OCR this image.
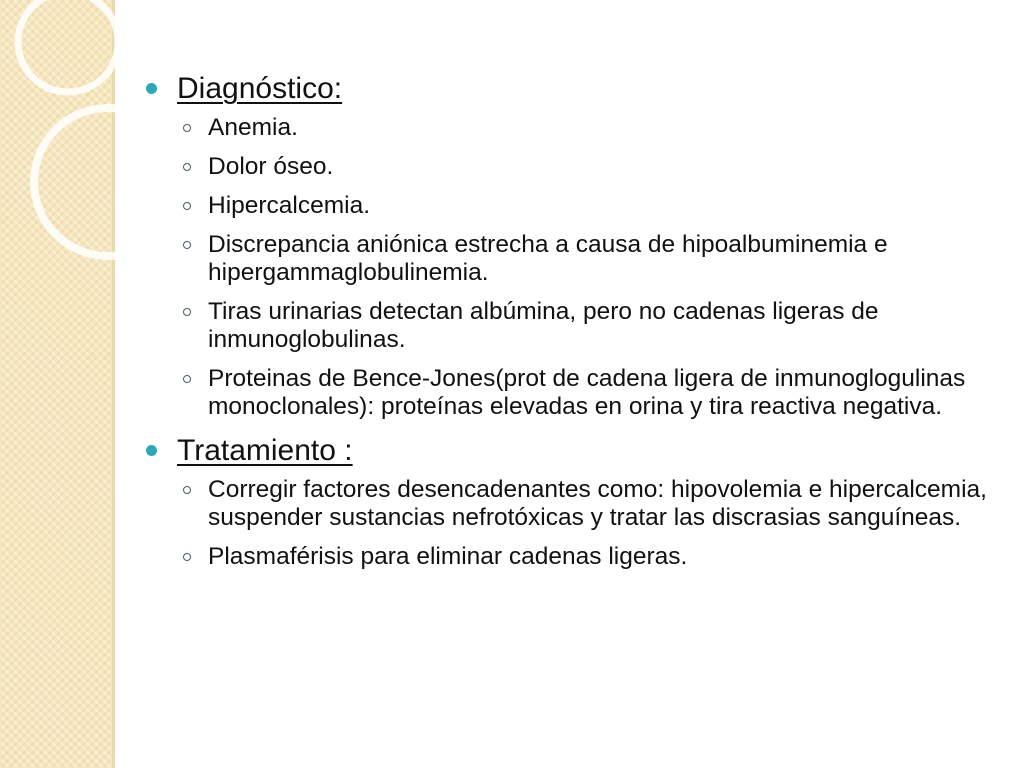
Diagnóstico:
Anemia.
Dolor óseo.
Hipercalcemia.
Discrepancia aniónica estrecha a causa de hipoalbuminemia e hipergammaglobulinemia.
Tiras urinarias detectan albúmina, pero no cadenas ligeras de inmunoglobulinas.
Proteinas de Bence-Jones(prot de cadena ligera de inmunoglogulinas monoclonales): proteínas elevadas en orina y tira reactiva negativa.
Tratamiento :
Corregir factores desencadenantes como: hipovolemia e hipercalcemia, suspender sustancias nefrotóxicas y tratar las discrasias sanguíneas.
Plasmaférisis para eliminar cadenas ligeras.
